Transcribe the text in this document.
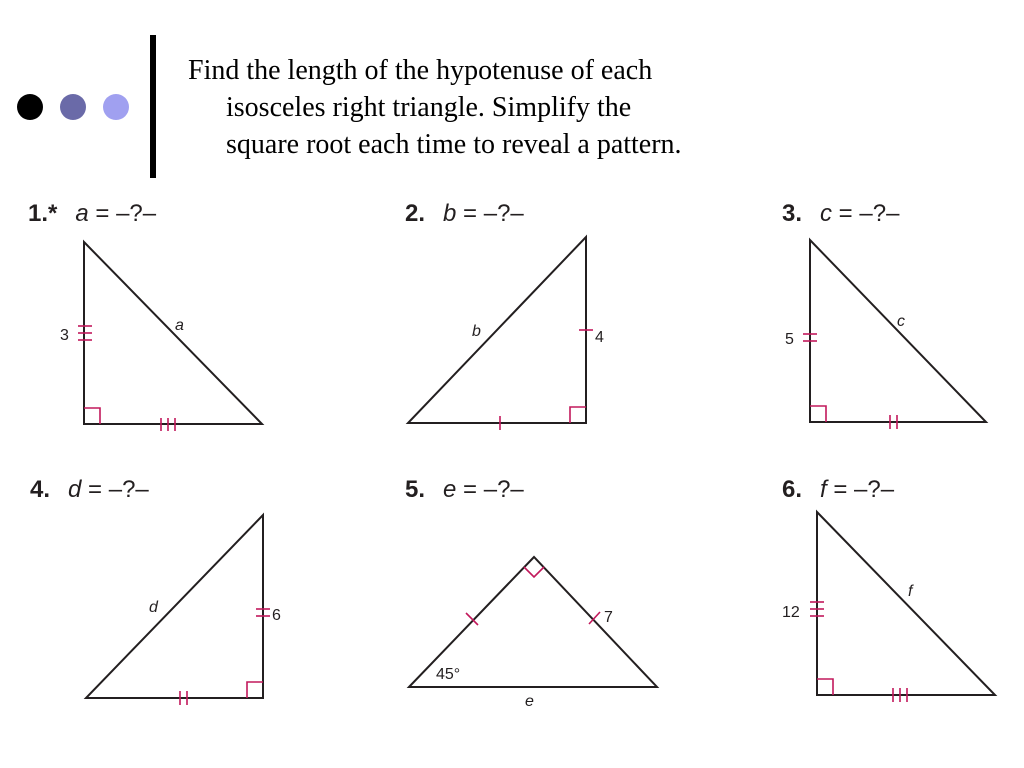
Find the length of the hypotenuse of each
isosceles right triangle. Simplify the
square root each time to reveal a pattern.
1.* a = –?–	2. b = –?–	3. c = –?–
4. d = –?–	5. e = –?–	6. f = –?–
3
a
4
b	5
c
6
d
7
45°
e
12
f
